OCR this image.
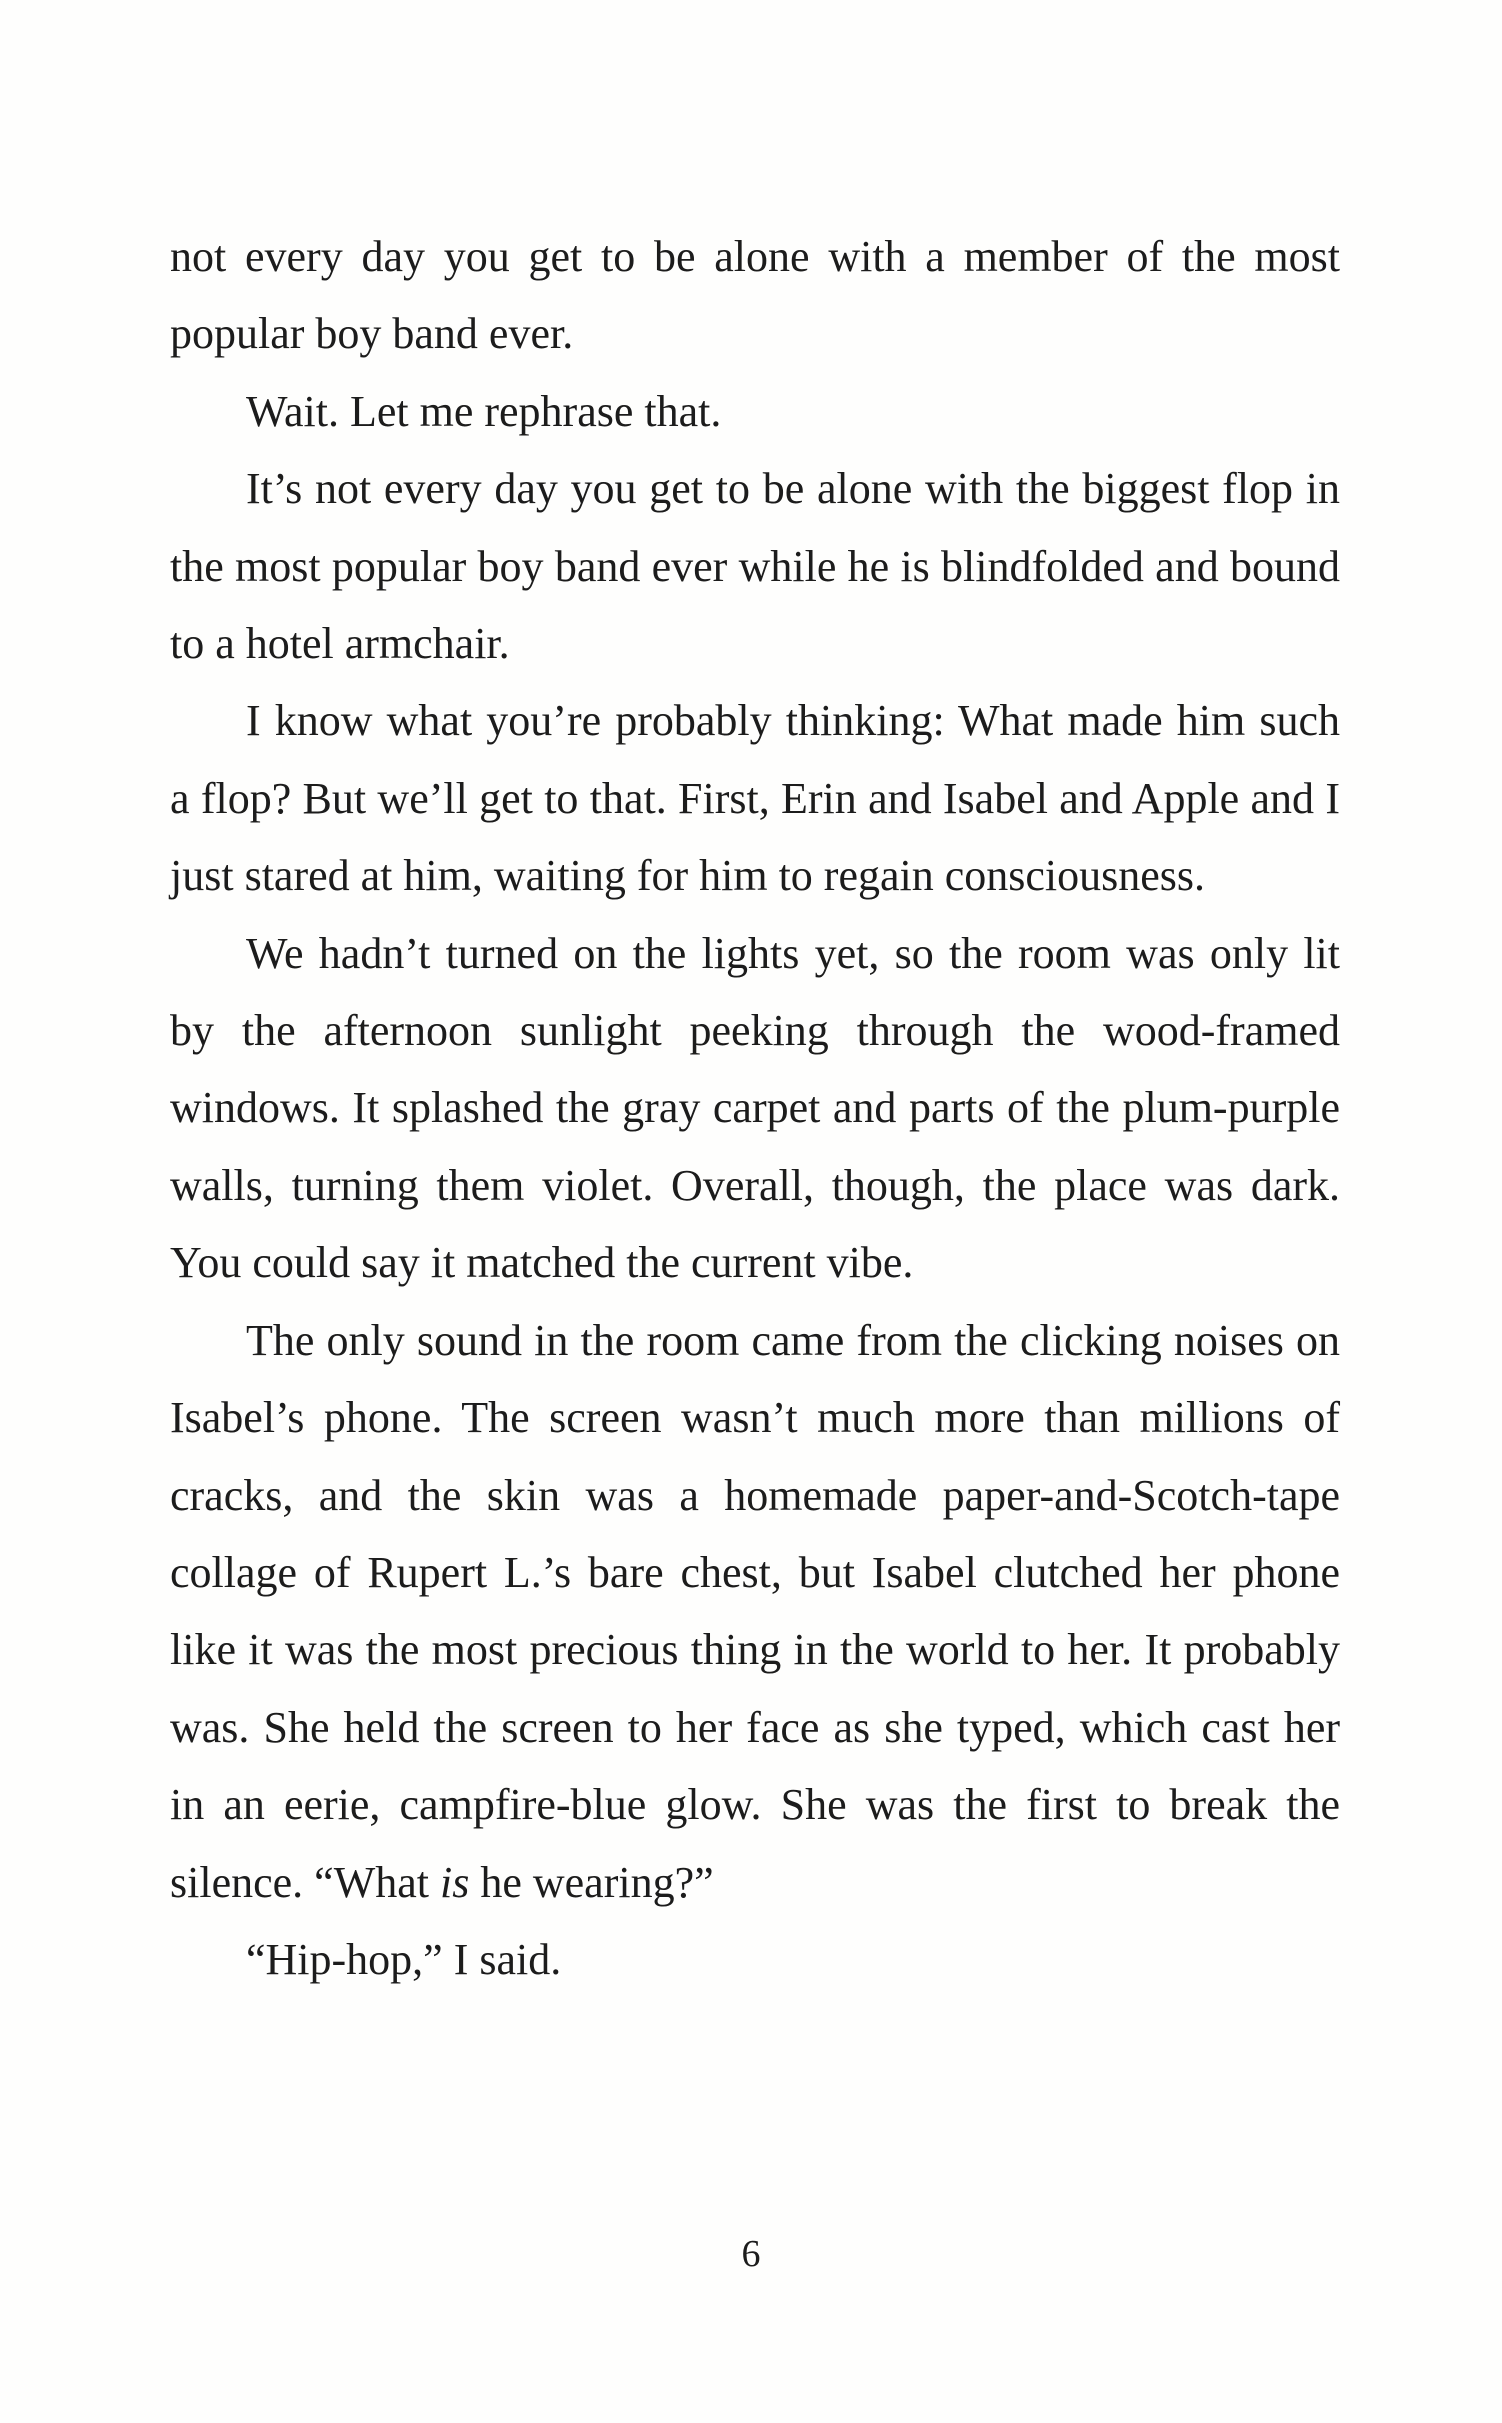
not every day you get to be alone with a member of the most popular boy band ever.

Wait. Let me rephrase that.

It’s not every day you get to be alone with the biggest flop in the most popular boy band ever while he is blindfolded and bound to a hotel armchair.

I know what you’re probably thinking: What made him such a flop? But we’ll get to that. First, Erin and Isabel and Apple and I just stared at him, waiting for him to regain consciousness.

We hadn’t turned on the lights yet, so the room was only lit by the afternoon sunlight peeking through the wood-framed windows. It splashed the gray carpet and parts of the plum-purple walls, turning them violet. Overall, though, the place was dark. You could say it matched the current vibe.

The only sound in the room came from the clicking noises on Isabel’s phone. The screen wasn’t much more than millions of cracks, and the skin was a homemade paper-and-Scotch-tape collage of Rupert L.’s bare chest, but Isabel clutched her phone like it was the most precious thing in the world to her. It probably was. She held the screen to her face as she typed, which cast her in an eerie, campfire-blue glow. She was the first to break the silence. “What is he wearing?”

“Hip-hop,” I said.

6
